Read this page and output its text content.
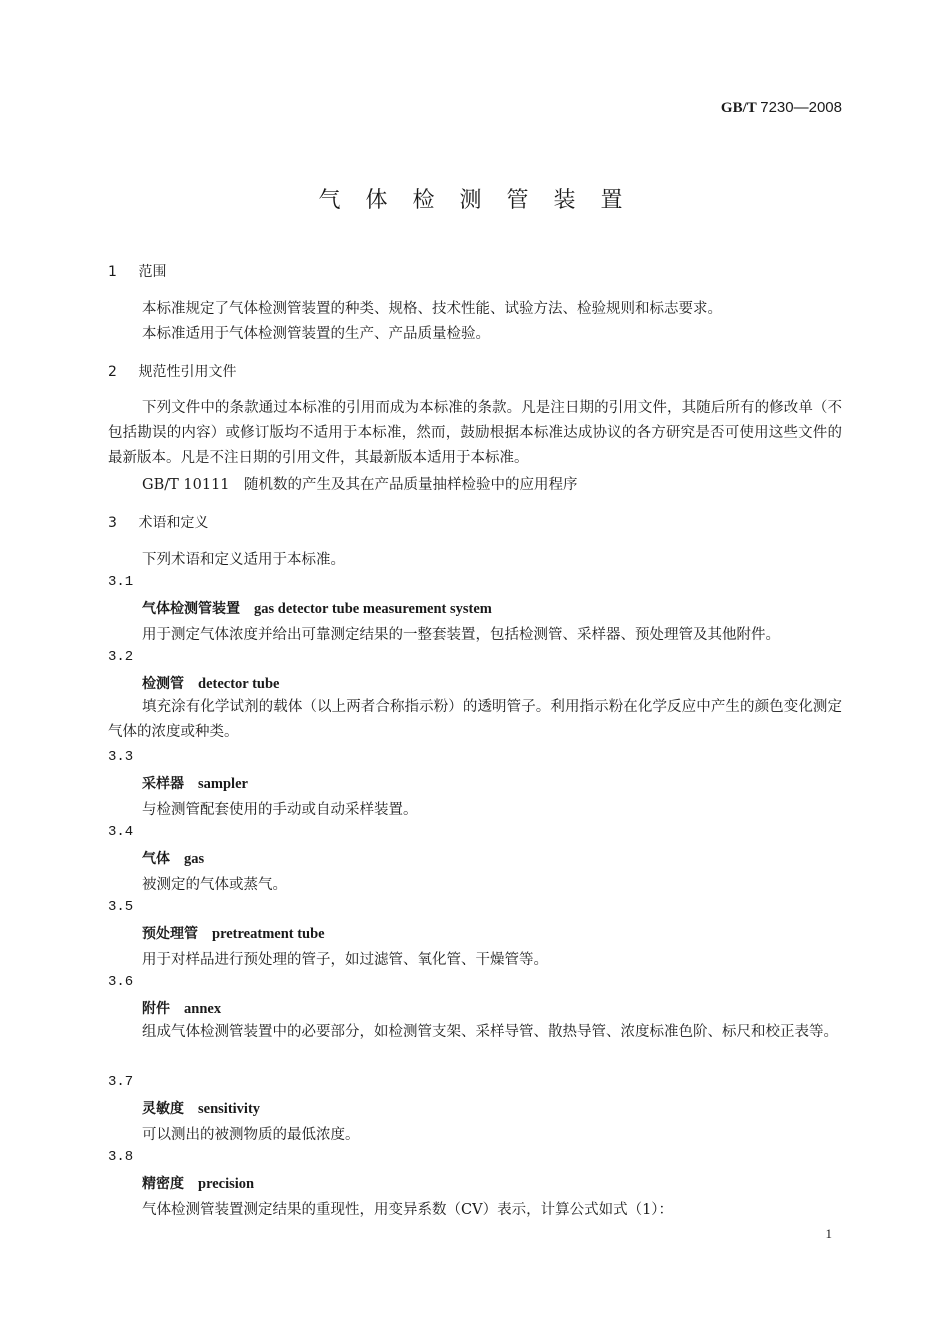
GB/T 7230—2008
气 体 检 测 管 装 置
1 范围
本标准规定了气体检测管装置的种类、规格、技术性能、试验方法、检验规则和标志要求。
本标准适用于气体检测管装置的生产、产品质量检验。
2 规范性引用文件
下列文件中的条款通过本标准的引用而成为本标准的条款。凡是注日期的引用文件，其随后所有的修改单（不包括勘误的内容）或修订版均不适用于本标准，然而，鼓励根据本标准达成协议的各方研究是否可使用这些文件的最新版本。凡是不注日期的引用文件，其最新版本适用于本标准。
GB/T 10111　随机数的产生及其在产品质量抽样检验中的应用程序
3 术语和定义
下列术语和定义适用于本标准。
3.1
气体检测管装置 gas detector tube measurement system
用于测定气体浓度并给出可靠测定结果的一整套装置，包括检测管、采样器、预处理管及其他附件。
3.2
检测管 detector tube
填充涂有化学试剂的载体（以上两者合称指示粉）的透明管子。利用指示粉在化学反应中产生的颜色变化测定气体的浓度或种类。
3.3
采样器 sampler
与检测管配套使用的手动或自动采样装置。
3.4
气体 gas
被测定的气体或蒸气。
3.5
预处理管 pretreatment tube
用于对样品进行预处理的管子，如过滤管、氧化管、干燥管等。
3.6
附件 annex
组成气体检测管装置中的必要部分，如检测管支架、采样导管、散热导管、浓度标准色阶、标尺和校正表等。
3.7
灵敏度 sensitivity
可以测出的被测物质的最低浓度。
3.8
精密度 precision
气体检测管装置测定结果的重现性，用变异系数（CV）表示，计算公式如式（1）：
1
